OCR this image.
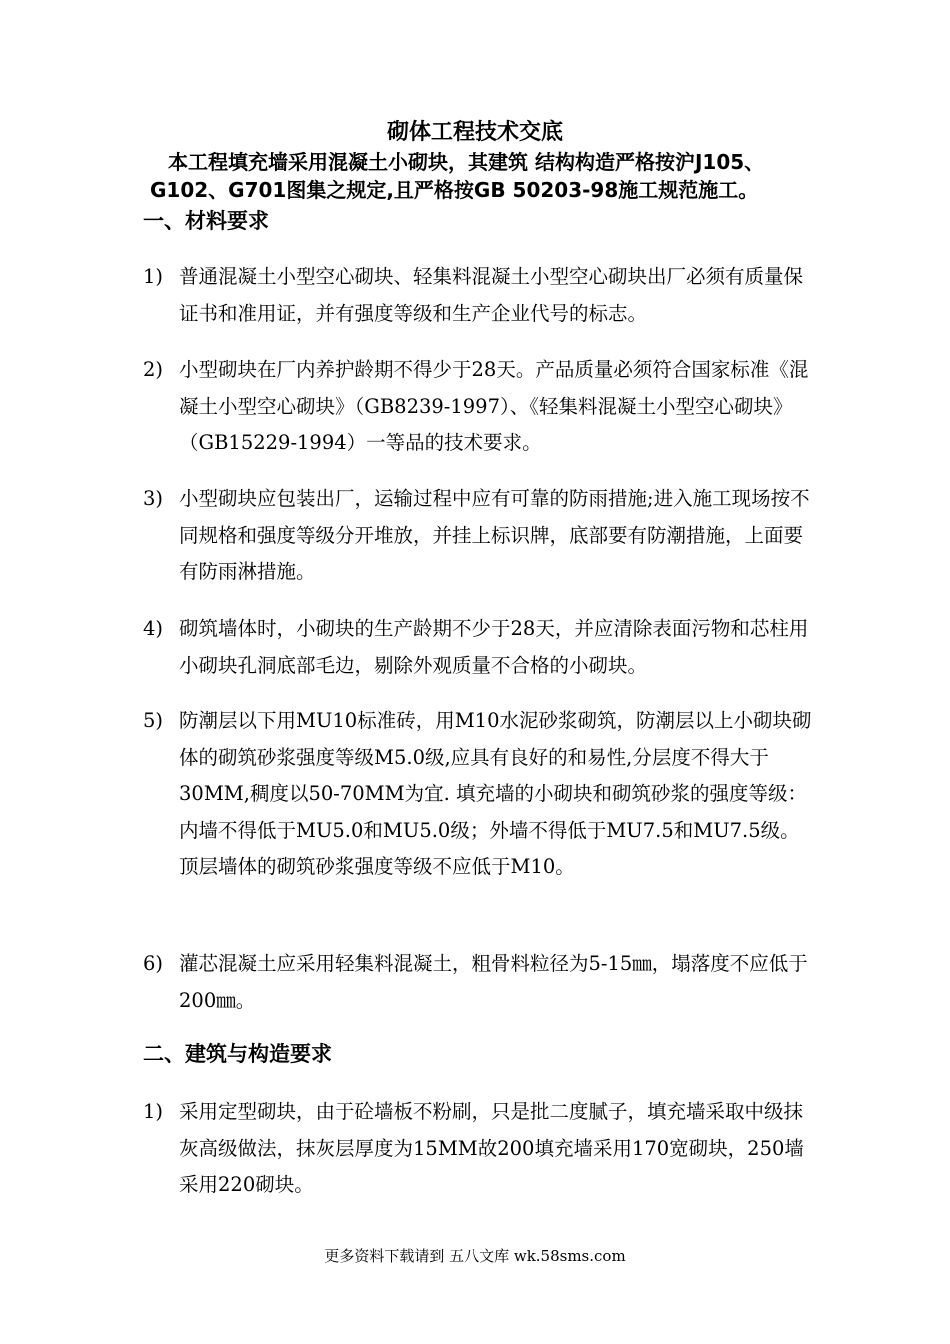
砌体工程技术交底
本工程填充墙采用混凝土小砌块，其建筑 结构构造严格按沪J105、G102、G701图集之规定,且严格按GB 50203-98施工规范施工。
一、材料要求
1) 普通混凝土小型空心砌块、轻集料混凝土小型空心砌块出厂必须有质量保证书和准用证，并有强度等级和生产企业代号的标志。
2) 小型砌块在厂内养护龄期不得少于28天。产品质量必须符合国家标准《混凝土小型空心砌块》（GB8239-1997）、《轻集料混凝土小型空心砌块》（GB15229-1994）一等品的技术要求。
3) 小型砌块应包装出厂，运输过程中应有可靠的防雨措施;进入施工现场按不同规格和强度等级分开堆放，并挂上标识牌，底部要有防潮措施，上面要有防雨淋措施。
4) 砌筑墙体时，小砌块的生产龄期不少于28天，并应清除表面污物和芯柱用小砌块孔洞底部毛边，剔除外观质量不合格的小砌块。
5) 防潮层以下用MU10标准砖，用M10水泥砂浆砌筑，防潮层以上小砌块砌体的砌筑砂浆强度等级M5.0级,应具有良好的和易性,分层度不得大于30MM,稠度以50-70MM为宜. 填充墙的小砌块和砌筑砂浆的强度等级：内墙不得低于MU5.0和MU5.0级；外墙不得低于MU7.5和MU7.5级。顶层墙体的砌筑砂浆强度等级不应低于M10。
6) 灌芯混凝土应采用轻集料混凝土，粗骨料粒径为5-15㎜，塌落度不应低于200㎜。
二、建筑与构造要求
1) 采用定型砌块，由于砼墙板不粉刷，只是批二度腻子，填充墙采取中级抹灰高级做法，抹灰层厚度为15MM故200填充墙采用170宽砌块，250墙采用220砌块。
更多资料下载请到 五八文库 wk.58sms.com
